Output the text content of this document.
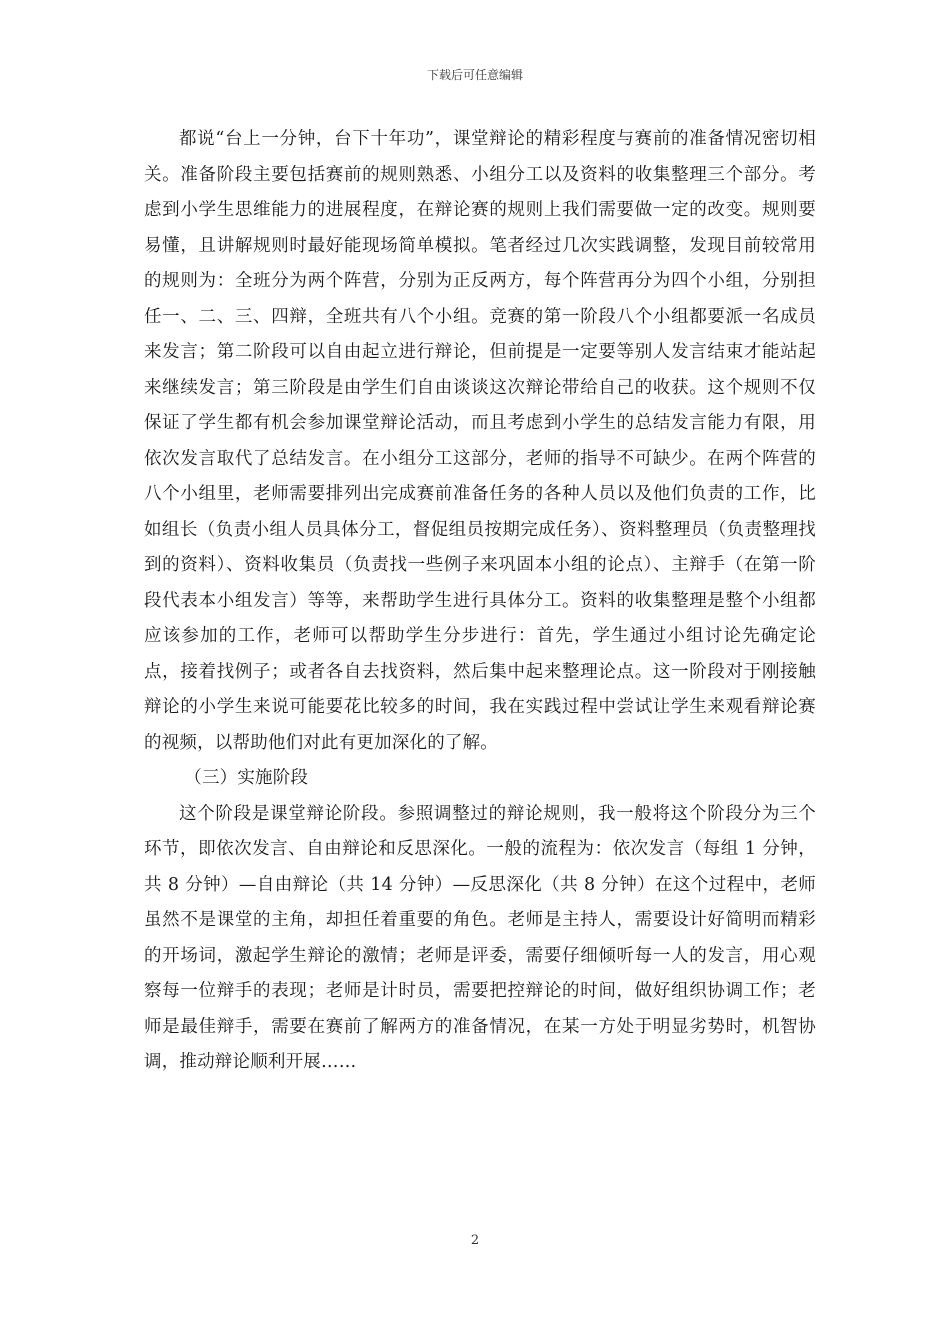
下载后可任意编辑

都说“台上一分钟，台下十年功”，课堂辩论的精彩程度与赛前的准备情况密切相关。准备阶段主要包括赛前的规则熟悉、小组分工以及资料的收集整理三个部分。考虑到小学生思维能力的进展程度，在辩论赛的规则上我们需要做一定的改变。规则要易懂，且讲解规则时最好能现场简单模拟。笔者经过几次实践调整，发现目前较常用的规则为：全班分为两个阵营，分别为正反两方，每个阵营再分为四个小组，分别担任一、二、三、四辩，全班共有八个小组。竞赛的第一阶段八个小组都要派一名成员来发言；第二阶段可以自由起立进行辩论，但前提是一定要等别人发言结束才能站起来继续发言；第三阶段是由学生们自由谈谈这次辩论带给自己的收获。这个规则不仅保证了学生都有机会参加课堂辩论活动，而且考虑到小学生的总结发言能力有限，用依次发言取代了总结发言。在小组分工这部分，老师的指导不可缺少。在两个阵营的八个小组里，老师需要排列出完成赛前准备任务的各种人员以及他们负责的工作，比如组长（负责小组人员具体分工，督促组员按期完成任务）、资料整理员（负责整理找到的资料）、资料收集员（负责找一些例子来巩固本小组的论点）、主辩手（在第一阶段代表本小组发言）等等，来帮助学生进行具体分工。资料的收集整理是整个小组都应该参加的工作，老师可以帮助学生分步进行：首先，学生通过小组讨论先确定论点，接着找例子；或者各自去找资料，然后集中起来整理论点。这一阶段对于刚接触辩论的小学生来说可能要花比较多的时间，我在实践过程中尝试让学生来观看辩论赛的视频，以帮助他们对此有更加深化的了解。

（三）实施阶段

这个阶段是课堂辩论阶段。参照调整过的辩论规则，我一般将这个阶段分为三个环节，即依次发言、自由辩论和反思深化。一般的流程为：依次发言（每组 1 分钟，共 8 分钟）—自由辩论（共 14 分钟）—反思深化（共 8 分钟）在这个过程中，老师虽然不是课堂的主角，却担任着重要的角色。老师是主持人，需要设计好简明而精彩的开场词，激起学生辩论的激情；老师是评委，需要仔细倾听每一人的发言，用心观察每一位辩手的表现；老师是计时员，需要把控辩论的时间，做好组织协调工作；老师是最佳辩手，需要在赛前了解两方的准备情况，在某一方处于明显劣势时，机智协调，推动辩论顺利开展……

2
